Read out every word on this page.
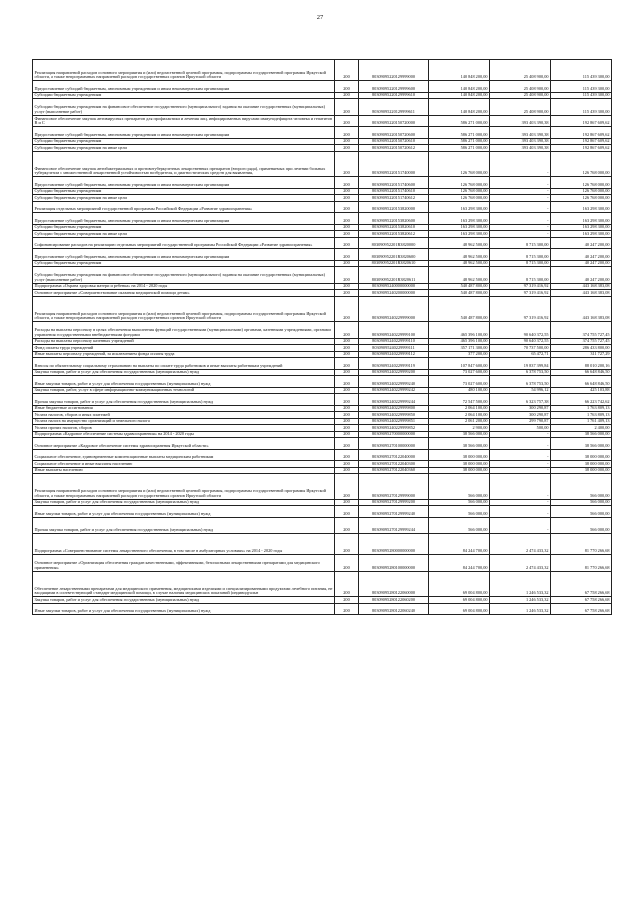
27
Реализация направлений расходов основного мероприятия и (или) ведомственной целевой программы, подпрограммы государственной программы Иркутской области, а также непрограммных направлений расходов государственных органов Иркутской области	200	80309095220129999000	140 848 200,00	25 408 900,00	115 439 300,00
Предоставление субсидий бюджетным, автономным учреждениям и иным некоммерческим организациям	200	80309095220129999600	140 848 200,00	25 408 900,00	115 439 300,00
Субсидии бюджетным учреждениям	200	80309095220129999610	140 848 200,00	25 408 900,00	115 439 300,00
Субсидии бюджетным учреждениям на финансовое обеспечение государственного (муниципального) задания на оказание государственных (муниципальных) услуг (выполнение работ)	200	80309095220129999611	140 848 200,00	25 408 900,00	115 439 300,00
Финансовое обеспечение закупок антивирусных препаратов для профилактики и лечения лиц, инфицированных вирусами иммунодефицита человека и гепатитов B и C	200	80309095220150720000	586 271 000,00	393 403 390,38	192 867 609,62
Предоставление субсидий бюджетным, автономным учреждениям и иным некоммерческим организациям	200	80309095220150720600	586 271 000,00	393 403 390,38	192 867 609,62
Субсидии бюджетным учреждениям	200	80309095220150720610	586 271 000,00	393 403 390,38	192 867 609,62
Субсидии бюджетным учреждениям на иные цели	200	80309095220150720612	586 271 000,00	393 403 390,38	192 867 609,62
Финансовое обеспечение закупок антибактериальных и противотуберкулезных лекарственных препаратов (второго ряда), применяемых при лечении больных туберкулезом с множественной лекарственной устойчивостью возбудителя, и диагностических средств для выявления,	200	80309095220151740000	126 768 000,00	-	126 768 000,00
Предоставление субсидий бюджетным, автономным учреждениям и иным некоммерческим организациям	200	80309095220151740600	126 768 000,00	-	126 768 000,00
Субсидии бюджетным учреждениям	200	80309095220151740610	126 768 000,00	-	126 768 000,00
Субсидии бюджетным учреждениям на иные цели	200	80309095220151740612	126 768 000,00	-	126 768 000,00
Реализация отдельных мероприятий государственной программы Российской Федерации «Развитие здравоохранения»	200	80309095220153820000	163 298 300,00	-	163 298 300,00
Предоставление субсидий бюджетным, автономным учреждениям и иным некоммерческим организациям	200	80309095220153820600	163 298 300,00	-	163 298 300,00
Субсидии бюджетным учреждениям	200	80309095220153820610	163 298 300,00	-	163 298 300,00
Субсидии бюджетным учреждениям на иные цели	200	80309095220153820612	163 298 300,00	-	163 298 300,00
Софинансирование расходов на реализацию отдельных мероприятий государственной программы Российской Федерации «Развитие здравоохранения»	200	803090952201R3820000	48 962 500,00	8 715 300,00	40 247 200,00
Предоставление субсидий бюджетным, автономным учреждениям и иным некоммерческим организациям	200	803090952201R3820600	48 962 500,00	8 715 300,00	40 247 200,00
Субсидии бюджетным учреждениям	200	803090952201R3820610	48 962 500,00	8 715 300,00	40 247 200,00
Субсидии бюджетным учреждениям на финансовое обеспечение государственного (муниципального) задания на оказание государственных (муниципальных) услуг (выполнение работ)	200	803090952201R3820611	48 962 500,00	8 715 300,00	40 247 200,00
Подпрограмма «Охрана здоровья матери и ребенка» на 2014 - 2020 годы	200	80309095240000000000	540 487 800,00	97 319 416,92	443 168 383,08
Основное мероприятие «Совершенствование оказания медицинской помощи детям»	200	80309095240200000000	540 487 800,00	97 319 416,92	443 168 383,08
Реализация направлений расходов основного мероприятия и (или) ведомственной целевой программы, подпрограммы государственной программы Иркутской области, а также непрограммных направлений расходов государственных органов Иркутской области	200	80309095240229999000	540 487 800,00	97 319 416,92	443 168 383,08
Расходы на выплаты персоналу в целях обеспечения выполнения функций государственными (муниципальными) органами, казенными учреждениями, органами управления государственными внебюджетными фондами	200	80309095240229999100	465 396 100,00	90 640 372,55	374 755 727,45
Расходы на выплаты персоналу казенных учреждений	200	80309095240229999110	465 396 100,00	90 640 372,55	374 755 727,45
Фонд оплаты труда учреждений	200	80309095240229999111	357 171 300,00	70 737 500,00	286 433 800,00
Иные выплаты персоналу учреждений, за исключением фонда оплаты труда	200	80309095240229999112	377 200,00	65 472,71	311 727,29
Взносы по обязательному социальному страхованию на выплаты по оплате труда работников и иные выплаты работникам учреждений	200	80309095240229999119	107 847 600,00	19 837 399,84	88 010 200,16
Закупка товаров, работ и услуг для обеспечения государственных (муниципальных) нужд	200	80309095240229999200	73 027 600,00	6 378 753,50	66 648 846,50
Иные закупки товаров, работ и услуг для обеспечения государственных (муниципальных) нужд	200	80309095240229999240	73 027 600,00	6 378 753,50	66 648 846,50
Закупка товаров, работ, услуг в сфере информационно-коммуникационных технологий	200	80309095240229999242	480 100,00	54 996,12	425 103,88
Прочая закупка товаров, работ и услуг для обеспечения государственных (муниципальных) нужд	200	80309095240229999244	72 547 500,00	6 323 757,38	66 223 742,62
Иные бюджетные ассигнования	200	80309095240229999800	2 064 100,00	300 290,87	1 763 809,13
Уплата налогов, сборов и иных платежей	200	80309095240229999850	2 064 100,00	300 290,87	1 763 809,13
Уплата налога на имущество организаций и земельного налога	200	80309095240229999851	2 061 200,00	299 790,87	1 761 409,13
Уплата прочих налогов, сборов	200	80309095240229999852	2 900,00	500,00	2 400,00
Подпрограмма «Кадровое обеспечение системы здравоохранения» на 2014 - 2020 годы	200	80309095270000000000	38 566 000,00	-	38 566 000,00
Основное мероприятие «Кадровое обеспечение системы здравоохранения Иркутской области»	200	80309095270100000000	38 566 000,00	-	38 566 000,00
Социальное обеспечение, единовременные компенсационные выплаты медицинским работникам	200	80309095270122040000	38 000 000,00	-	38 000 000,00
Социальное обеспечение и иные выплаты населению	200	80309095270122040300	38 000 000,00	-	38 000 000,00
Иные выплаты населению	200	80309095270122040360	38 000 000,00	-	38 000 000,00
Реализация направлений расходов основного мероприятия и (или) ведомственной целевой программы, подпрограммы государственной программы Иркутской области, а также непрограммных направлений расходов государственных органов Иркутской области	200	80309095270129999000	566 000,00	-	566 000,00
Закупка товаров, работ и услуг для обеспечения государственных (муниципальных) нужд	200	80309095270129999200	566 000,00	-	566 000,00
Иные закупки товаров, работ и услуг для обеспечения государственных (муниципальных) нужд	200	80309095270129999240	566 000,00	-	566 000,00
Прочая закупка товаров, работ и услуг для обеспечения государственных (муниципальных) нужд	200	80309095270129999244	566 000,00	-	566 000,00
Подпрограмма «Совершенствование системы лекарственного обеспечения, в том числе в амбулаторных условиях» на 2014 - 2020 годы	200	80309095280000000000	84 244 700,00	2 474 433,32	81 770 266,68
Основное мероприятие «Организация обеспечения граждан качественными, эффективными, безопасными лекарственными препаратами для медицинского применения»	200	80309095280100000000	84 244 700,00	2 474 433,32	81 770 266,68
Обеспечение лекарственными препаратами для медицинского применения, медицинскими изделиями и специализированными продуктами лечебного питания, не входящими в соответствующий стандарт медицинской помощи, в случае наличия медицинских показаний (индивидуальн	200	80309095280122060000	69 004 800,00	1 246 533,32	67 758 266,68
Закупка товаров, работ и услуг для обеспечения государственных (муниципальных) нужд	200	80309095280122060200	69 004 800,00	1 246 533,32	67 758 266,68
Иные закупки товаров, работ и услуг для обеспечения государственных (муниципальных) нужд	200	80309095280122060240	69 004 800,00	1 246 533,32	67 758 266,68
